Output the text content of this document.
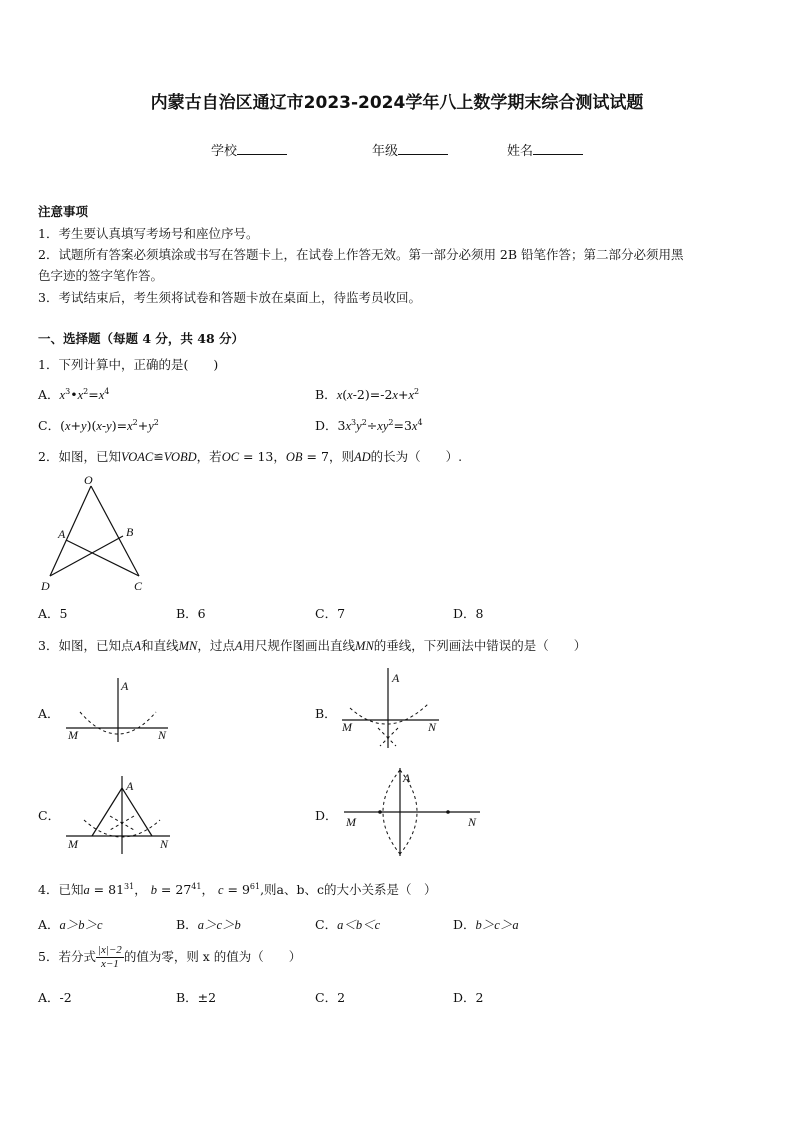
内蒙古自治区通辽市2023-2024学年八上数学期末综合测试试题
学校	年级	姓名
注意事项
1．考生要认真填写考场号和座位序号。
2．试题所有答案必须填涂或书写在答题卡上，在试卷上作答无效。第一部分必须用 2B 铅笔作答；第二部分必须用黑
色字迹的签字笔作答。
3．考试结束后，考生须将试卷和答题卡放在桌面上，待监考员收回。
一、选择题（每题 4 分，共 48 分）
1．下列计算中，正确的是(　　)
A．$x^3•x^2=x^4$	B．$x(x-2)=-2x+x^2$
C．$(x+y)(x-y)=x^2+y^2$	D．$3x^3y^2\div xy^2=3x^4$
2．如图，已知VOAC≌VOBD，若OC = 13，OB = 7，则AD的长为（　　）.
O
A	B
D	C
A．5	B．6	C．7	D．8
3．如图，已知点A和直线MN，过点A用尺规作图画出直线MN的垂线，下列画法中错误的是（　　）
A．
A
M	N
B．
A
M	N
C．
A
M	N
D．
A
M	N
4．已知$a = 81^{31}$， $b = 27^{41}$， $c = 9^{61}$,则a、b、c的大小关系是（　）
A．a＞b＞c	B．a＞c＞b	C．a＜b＜c	D．b＞c＞a
5．若分式 $\frac{|x|-2}{x-1}$ 的值为零，则 x 的值为（　　）
A．-2	B．±2	C．2	D．2
